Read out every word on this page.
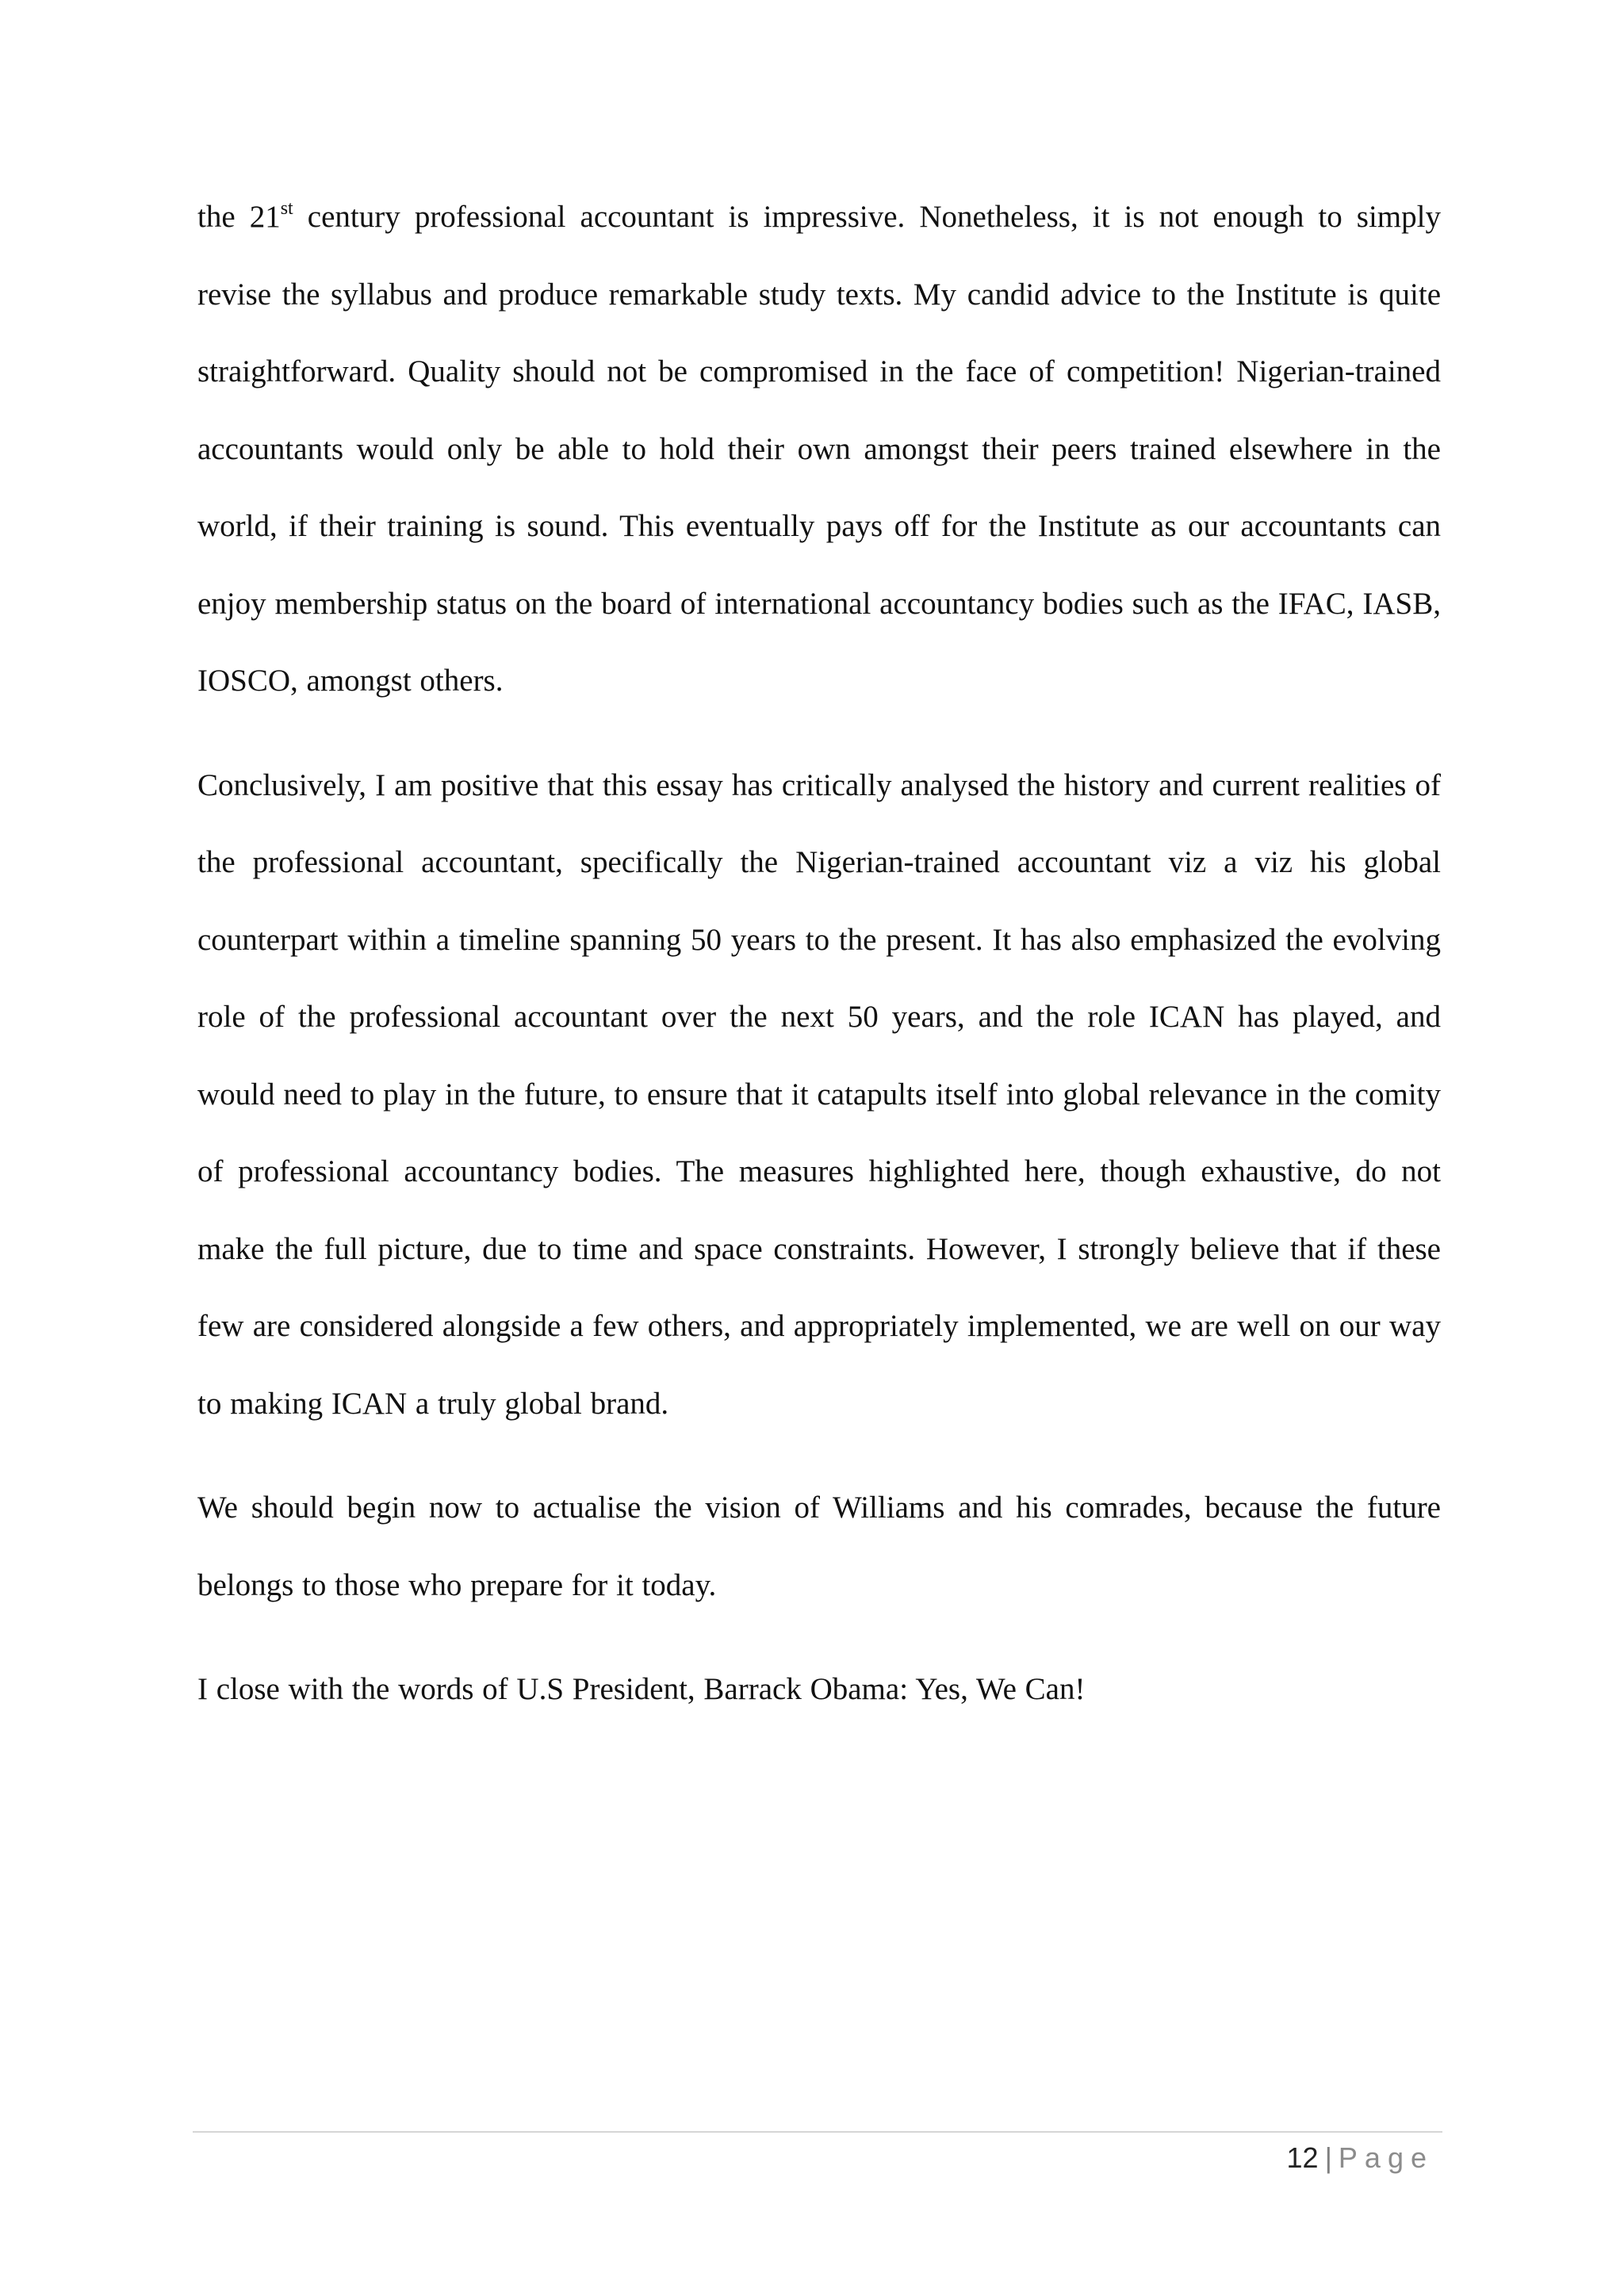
the 21st century professional accountant is impressive. Nonetheless, it is not enough to simply revise the syllabus and produce remarkable study texts. My candid advice to the Institute is quite straightforward. Quality should not be compromised in the face of competition! Nigerian-trained accountants would only be able to hold their own amongst their peers trained elsewhere in the world, if their training is sound. This eventually pays off for the Institute as our accountants can enjoy membership status on the board of international accountancy bodies such as the IFAC, IASB, IOSCO, amongst others.

Conclusively, I am positive that this essay has critically analysed the history and current realities of the professional accountant, specifically the Nigerian-trained accountant viz a viz his global counterpart within a timeline spanning 50 years to the present. It has also emphasized the evolving role of the professional accountant over the next 50 years, and the role ICAN has played, and would need to play in the future, to ensure that it catapults itself into global relevance in the comity of professional accountancy bodies. The measures highlighted here, though exhaustive, do not make the full picture, due to time and space constraints. However, I strongly believe that if these few are considered alongside a few others, and appropriately implemented, we are well on our way to making ICAN a truly global brand.

We should begin now to actualise the vision of Williams and his comrades, because the future belongs to those who prepare for it today.

I close with the words of U.S President, Barrack Obama: Yes, We Can!

12 | Page
